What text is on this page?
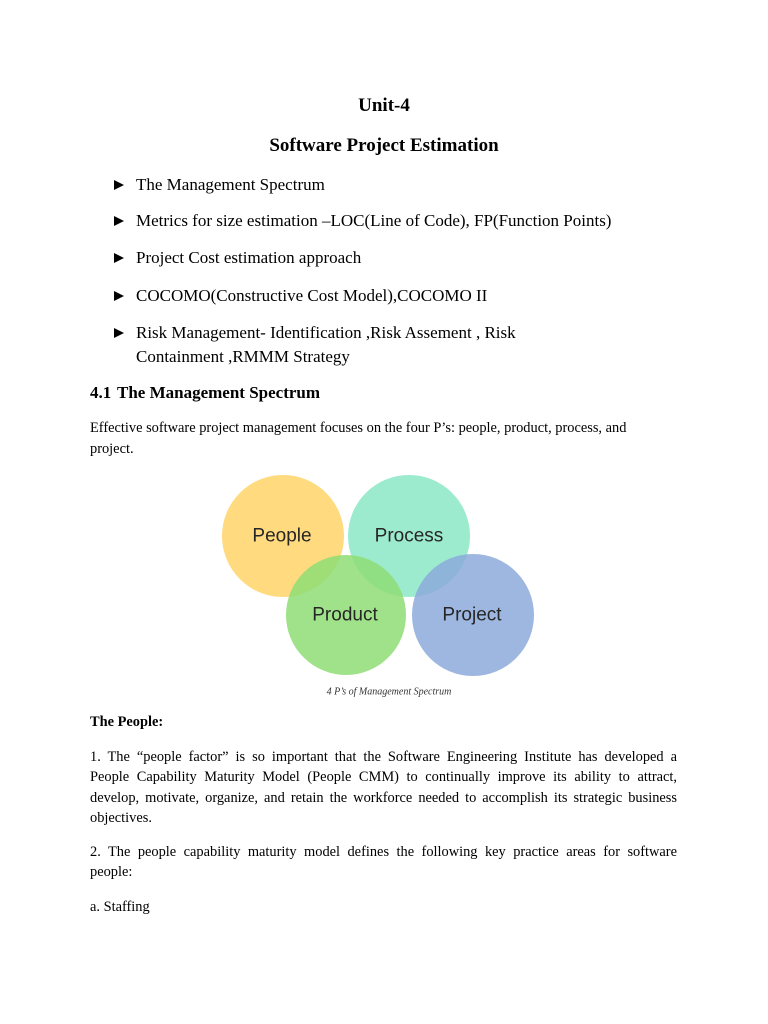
Unit-4
Software Project Estimation
The Management Spectrum
Metrics for size estimation –LOC(Line of Code), FP(Function Points)
Project Cost estimation approach
COCOMO(Constructive Cost Model),COCOMO II
Risk Management- Identification ,Risk Assement , Risk
Containment ,RMMM Strategy
4.1 The Management Spectrum
Effective software project management focuses on the four P’s: people, product, process, and
project.
People	Process
Product	Project
4 P’s of Management Spectrum
The People:
1. The “people factor” is so important that the Software Engineering Institute has developed a
People Capability Maturity Model (People CMM) to continually improve its ability to attract,
develop, motivate, organize, and retain the workforce needed to accomplish its strategic business
objectives.
2. The people capability maturity model defines the following key practice areas for software
people:
a. Staffing
